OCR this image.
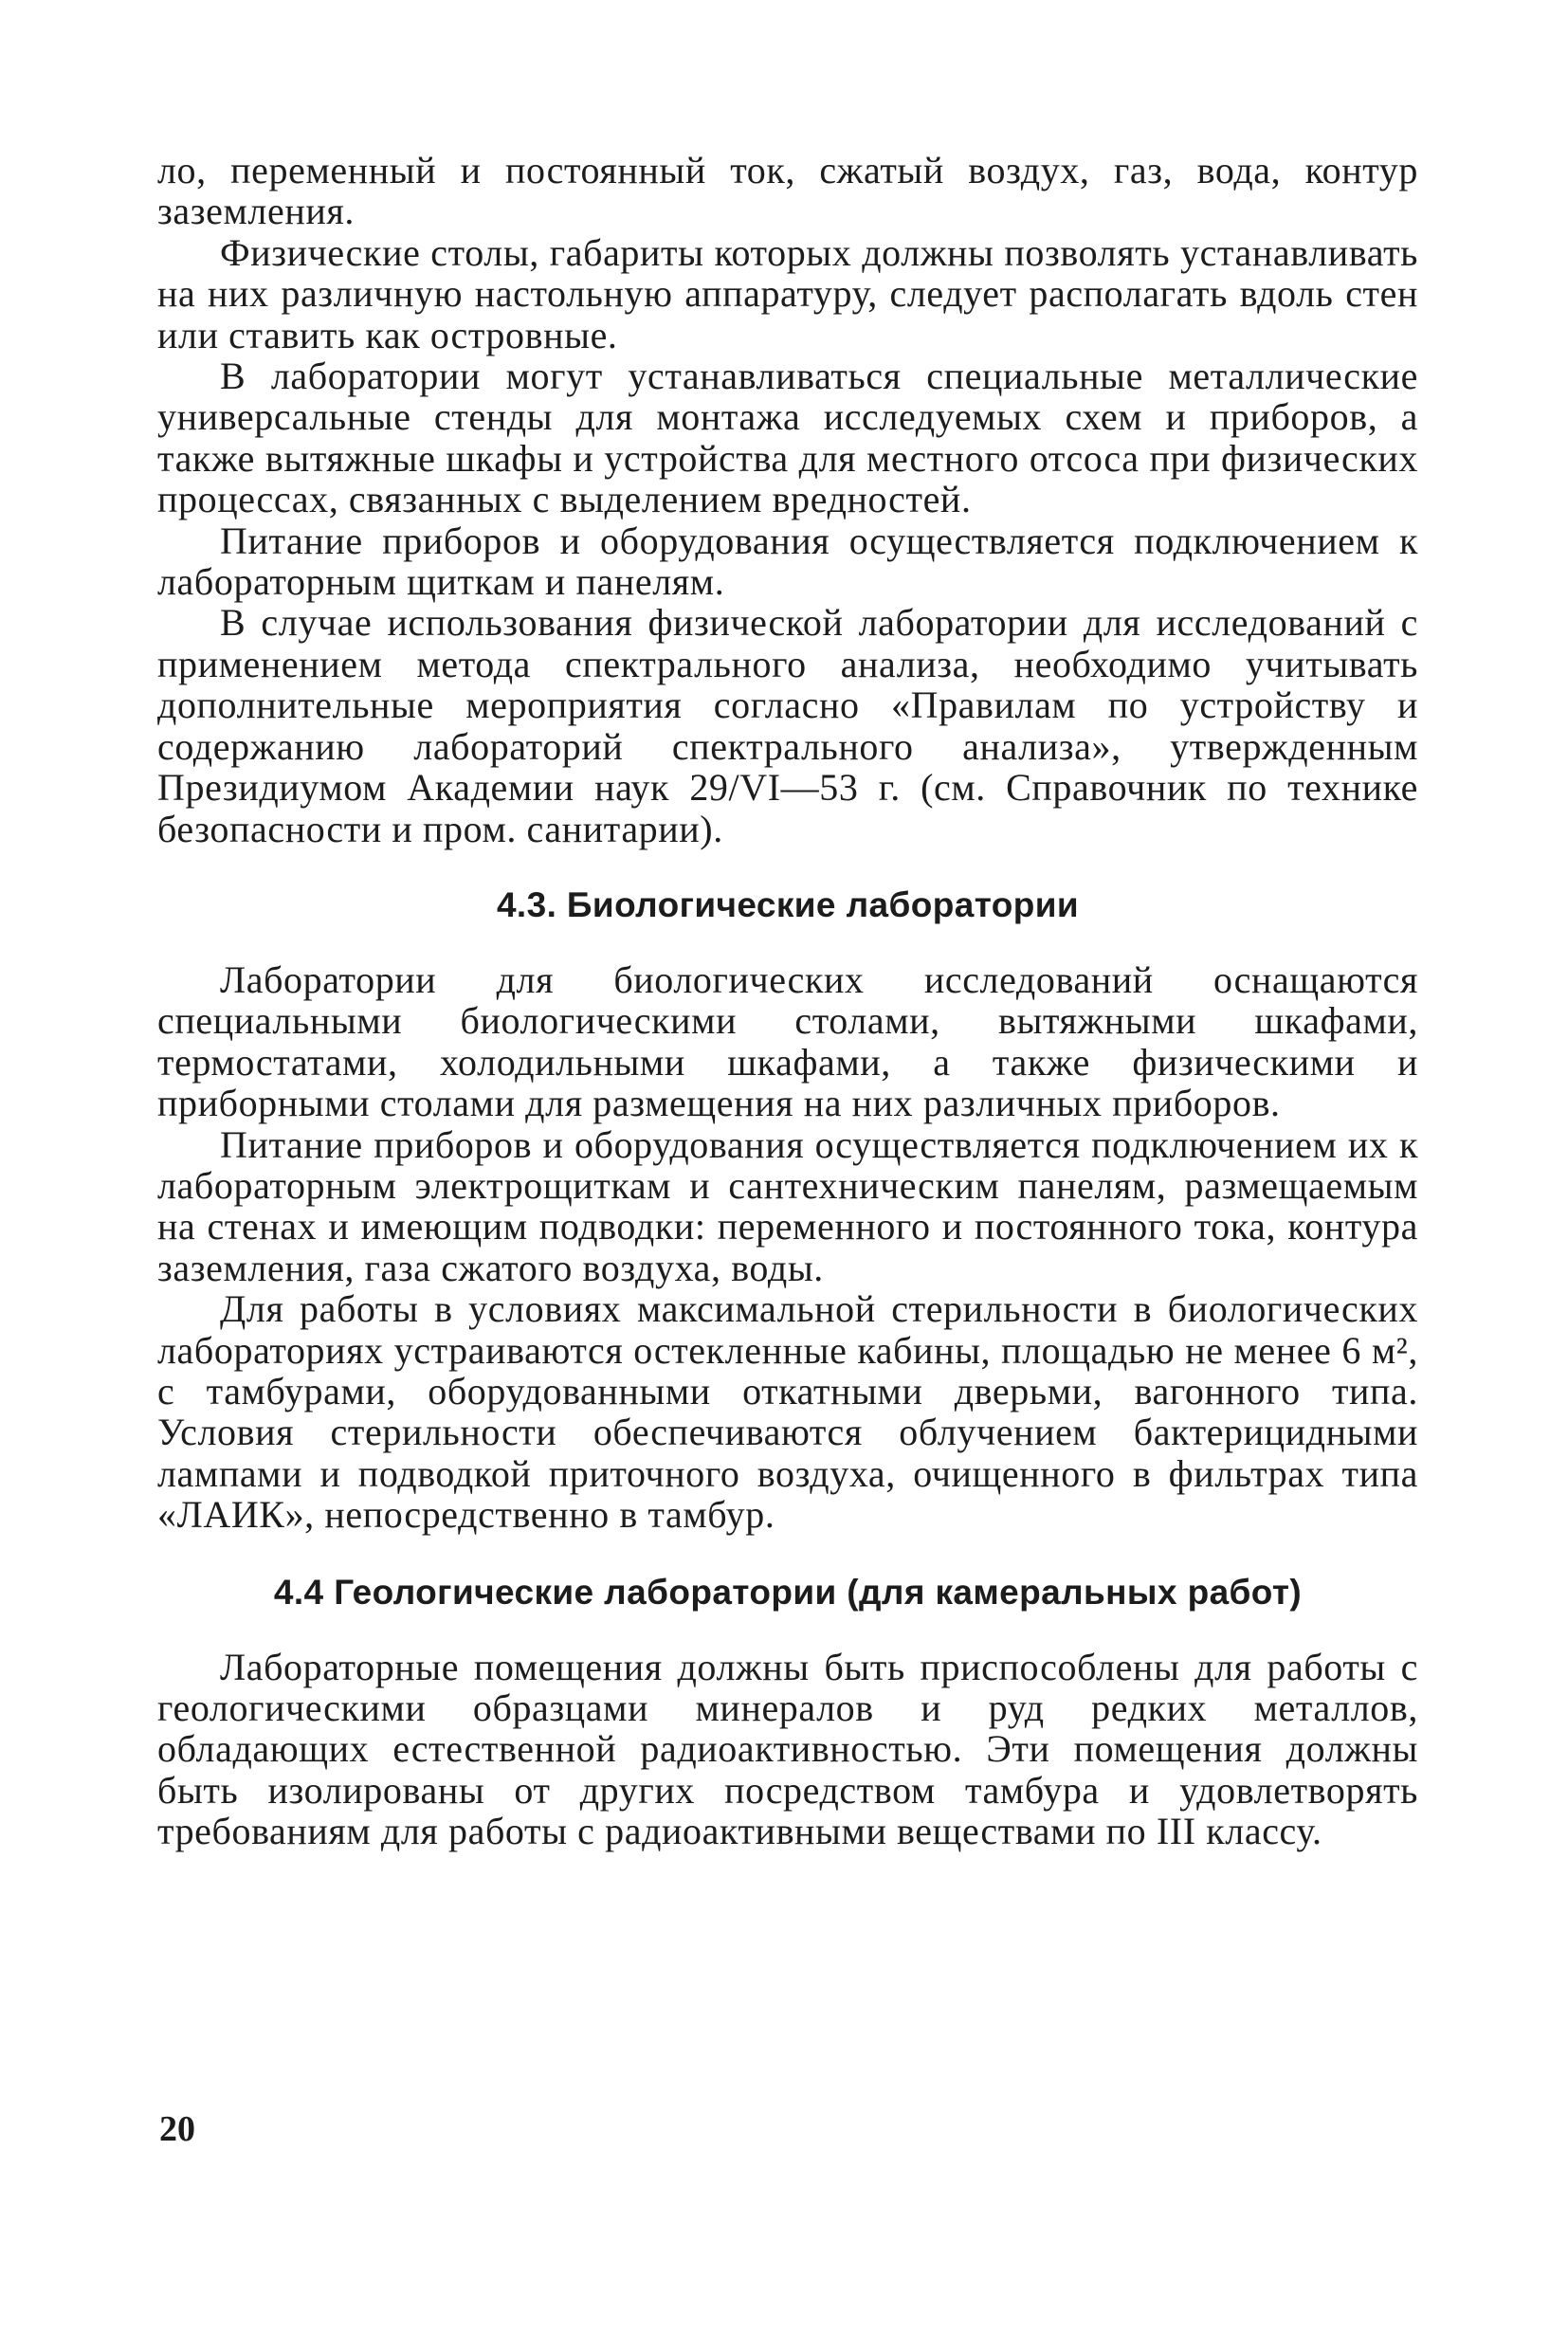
ло, переменный и постоянный ток, сжатый воздух, газ, вода, контур заземления.

Физические столы, габариты которых должны позволять устанавливать на них различную настольную аппаратуру, следует располагать вдоль стен или ставить как островные.

В лаборатории могут устанавливаться специальные металлические универсальные стенды для монтажа исследуемых схем и приборов, а также вытяжные шкафы и устройства для местного отсоса при физических процессах, связанных с выделением вредностей.

Питание приборов и оборудования осуществляется подключением к лабораторным щиткам и панелям.

В случае использования физической лаборатории для исследований с применением метода спектрального анализа, необходимо учитывать дополнительные мероприятия согласно «Правилам по устройству и содержанию лабораторий спектрального анализа», утвержденным Президиумом Академии наук 29/VI—53 г. (см. Справочник по технике безопасности и пром. санитарии).

4.3. Биологические лаборатории

Лаборатории для биологических исследований оснащаются специальными биологическими столами, вытяжными шкафами, термостатами, холодильными шкафами, а также физическими и приборными столами для размещения на них различных приборов.

Питание приборов и оборудования осуществляется подключением их к лабораторным электрощиткам и сантехническим панелям, размещаемым на стенах и имеющим подводки: переменного и постоянного тока, контура заземления, газа сжатого воздуха, воды.

Для работы в условиях максимальной стерильности в биологических лабораториях устраиваются остекленные кабины, площадью не менее 6 м², с тамбурами, оборудованными откатными дверьми, вагонного типа. Условия стерильности обеспечиваются облучением бактерицидными лампами и подводкой приточного воздуха, очищенного в фильтрах типа «ЛАИК», непосредственно в тамбур.

4.4 Геологические лаборатории (для камеральных работ)

Лабораторные помещения должны быть приспособлены для работы с геологическими образцами минералов и руд редких металлов, обладающих естественной радиоактивностью. Эти помещения должны быть изолированы от других посредством тамбура и удовлетворять требованиям для работы с радиоактивными веществами по III классу.

20
